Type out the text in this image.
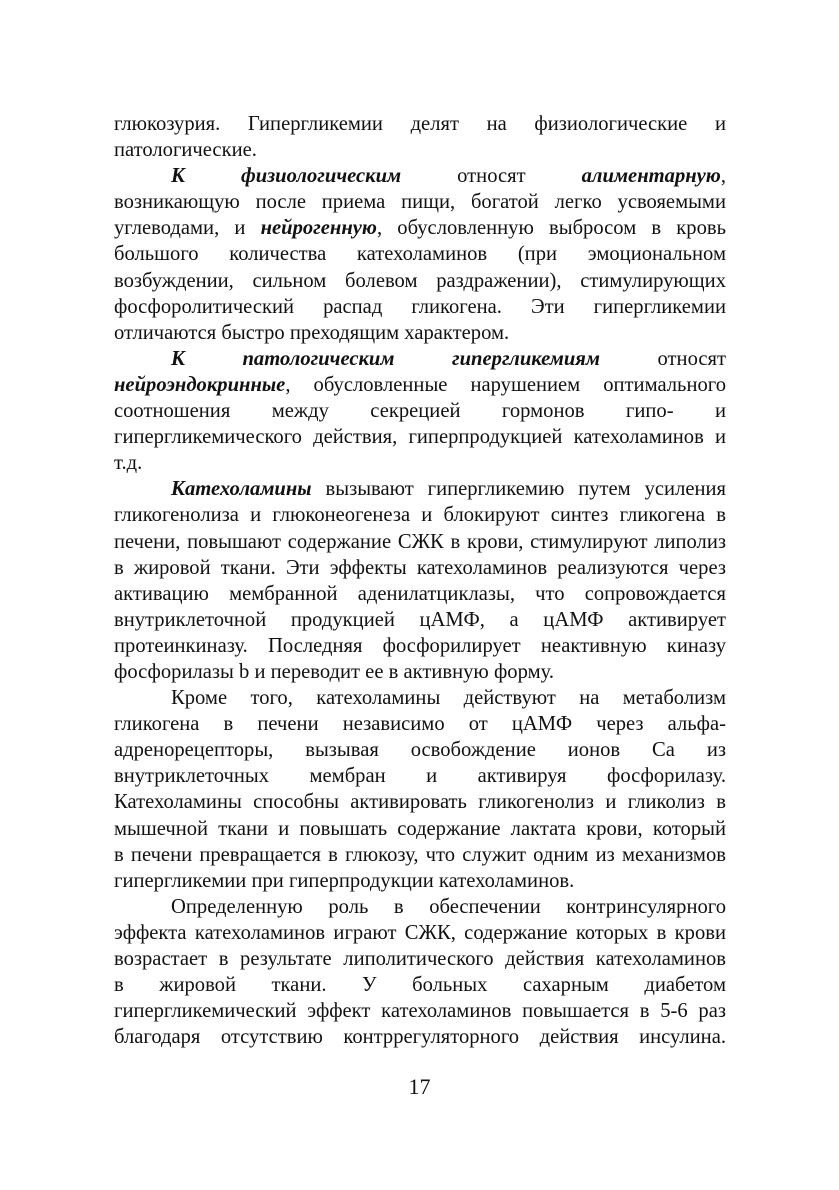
глюкозурия. Гипергликемии делят на физиологические и
патологические.
К физиологическим относят алиментарную,
возникающую после приема пищи, богатой легко усвояемыми
углеводами, и нейрогенную, обусловленную выбросом в кровь
большого количества катехоламинов (при эмоциональном
возбуждении, сильном болевом раздражении), стимулирующих
фосфоролитический распад гликогена. Эти гипергликемии
отличаются быстро преходящим характером.
К патологическим гипергликемиям относят
нейроэндокринные, обусловленные нарушением оптимального
соотношения между секрецией гормонов гипо- и
гипергликемического действия, гиперпродукцией катехоламинов и
т.д.
Катехоламины вызывают гипергликемию путем усиления
гликогенолиза и глюконеогенеза и блокируют синтез гликогена в
печени, повышают содержание СЖК в крови, стимулируют липолиз
в жировой ткани. Эти эффекты катехоламинов реализуются через
активацию мембранной аденилатциклазы, что сопровождается
внутриклеточной продукцией цАМФ, а цАМФ активирует
протеинкиназу. Последняя фосфорилирует неактивную киназу
фосфорилазы b и переводит ее в активную форму.
Кроме того, катехоламины действуют на метаболизм
гликогена в печени независимо от цАМФ через альфа-
адренорецепторы, вызывая освобождение ионов Са из
внутриклеточных мембран и активируя фосфорилазу.
Катехоламины способны активировать гликогенолиз и гликолиз в
мышечной ткани и повышать содержание лактата крови, который
в печени превращается в глюкозу, что служит одним из механизмов
гипергликемии при гиперпродукции катехоламинов.
Определенную роль в обеспечении контринсулярного
эффекта катехоламинов играют СЖК, содержание которых в крови
возрастает в результате липолитического действия катехоламинов
в жировой ткани. У больных сахарным диабетом
гипергликемический эффект катехоламинов повышается в 5-6 раз
благодаря отсутствию контррегуляторного действия инсулина.
17
